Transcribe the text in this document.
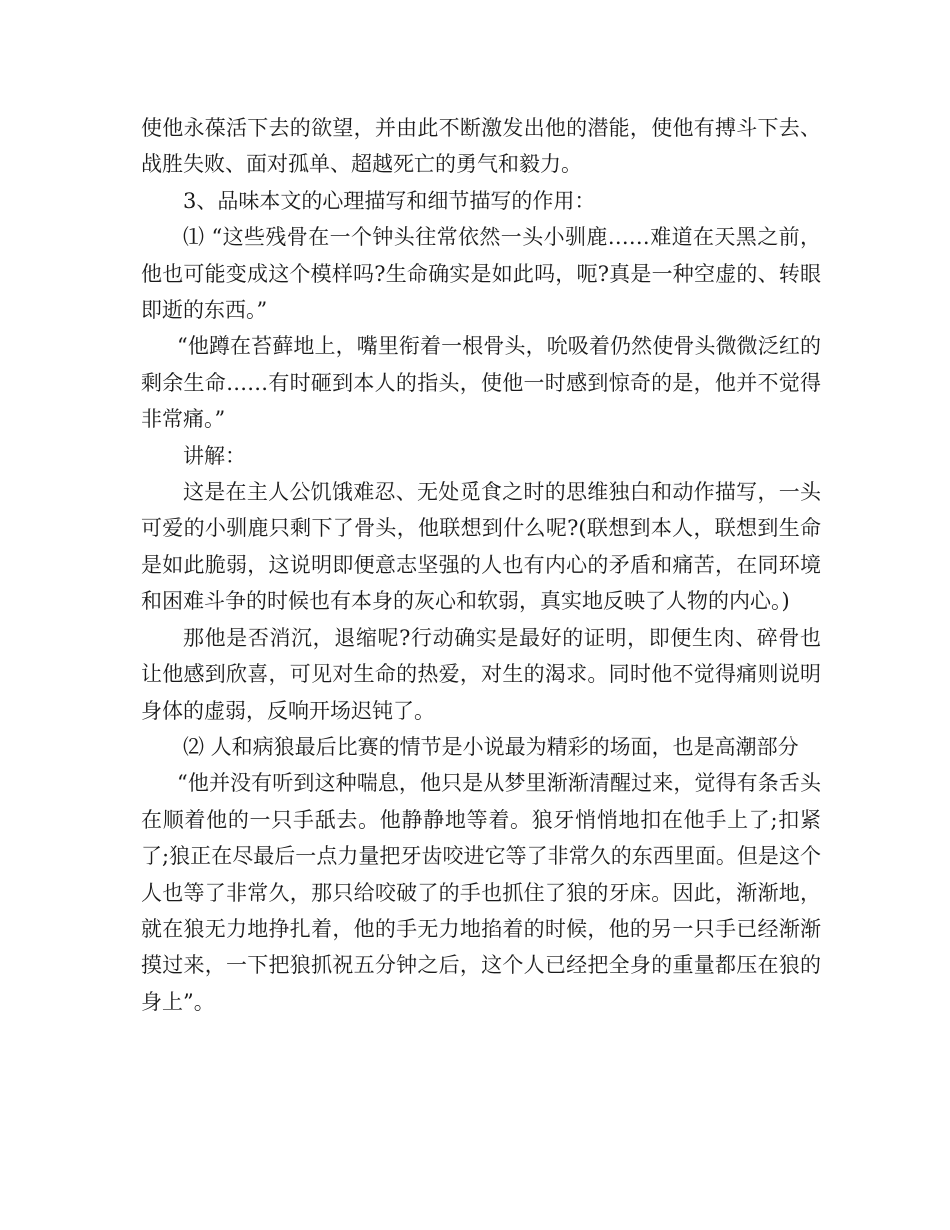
使他永葆活下去的欲望，并由此不断激发出他的潜能，使他有搏斗下去、战胜失败、面对孤单、超越死亡的勇气和毅力。

3、品味本文的心理描写和细节描写的作用：

⑴ “这些残骨在一个钟头往常依然一头小驯鹿……难道在天黑之前，他也可能变成这个模样吗?生命确实是如此吗，呃?真是一种空虚的、转眼即逝的东西。”

“他蹲在苔藓地上，嘴里衔着一根骨头，吮吸着仍然使骨头微微泛红的剩余生命……有时砸到本人的指头，使他一时感到惊奇的是，他并不觉得非常痛。”

讲解：

这是在主人公饥饿难忍、无处觅食之时的思维独白和动作描写，一头可爱的小驯鹿只剩下了骨头，他联想到什么呢?(联想到本人，联想到生命是如此脆弱，这说明即便意志坚强的人也有内心的矛盾和痛苦，在同环境和困难斗争的时候也有本身的灰心和软弱，真实地反映了人物的内心。)

那他是否消沉，退缩呢?行动确实是最好的证明，即便生肉、碎骨也让他感到欣喜，可见对生命的热爱，对生的渴求。同时他不觉得痛则说明身体的虚弱，反响开场迟钝了。

⑵ 人和病狼最后比赛的情节是小说最为精彩的场面，也是高潮部分

“他并没有听到这种喘息，他只是从梦里渐渐清醒过来，觉得有条舌头在顺着他的一只手舐去。他静静地等着。狼牙悄悄地扣在他手上了;扣紧了;狼正在尽最后一点力量把牙齿咬进它等了非常久的东西里面。但是这个人也等了非常久，那只给咬破了的手也抓住了狼的牙床。因此，渐渐地，就在狼无力地挣扎着，他的手无力地掐着的时候，他的另一只手已经渐渐摸过来，一下把狼抓祝五分钟之后，这个人已经把全身的重量都压在狼的身上”。
